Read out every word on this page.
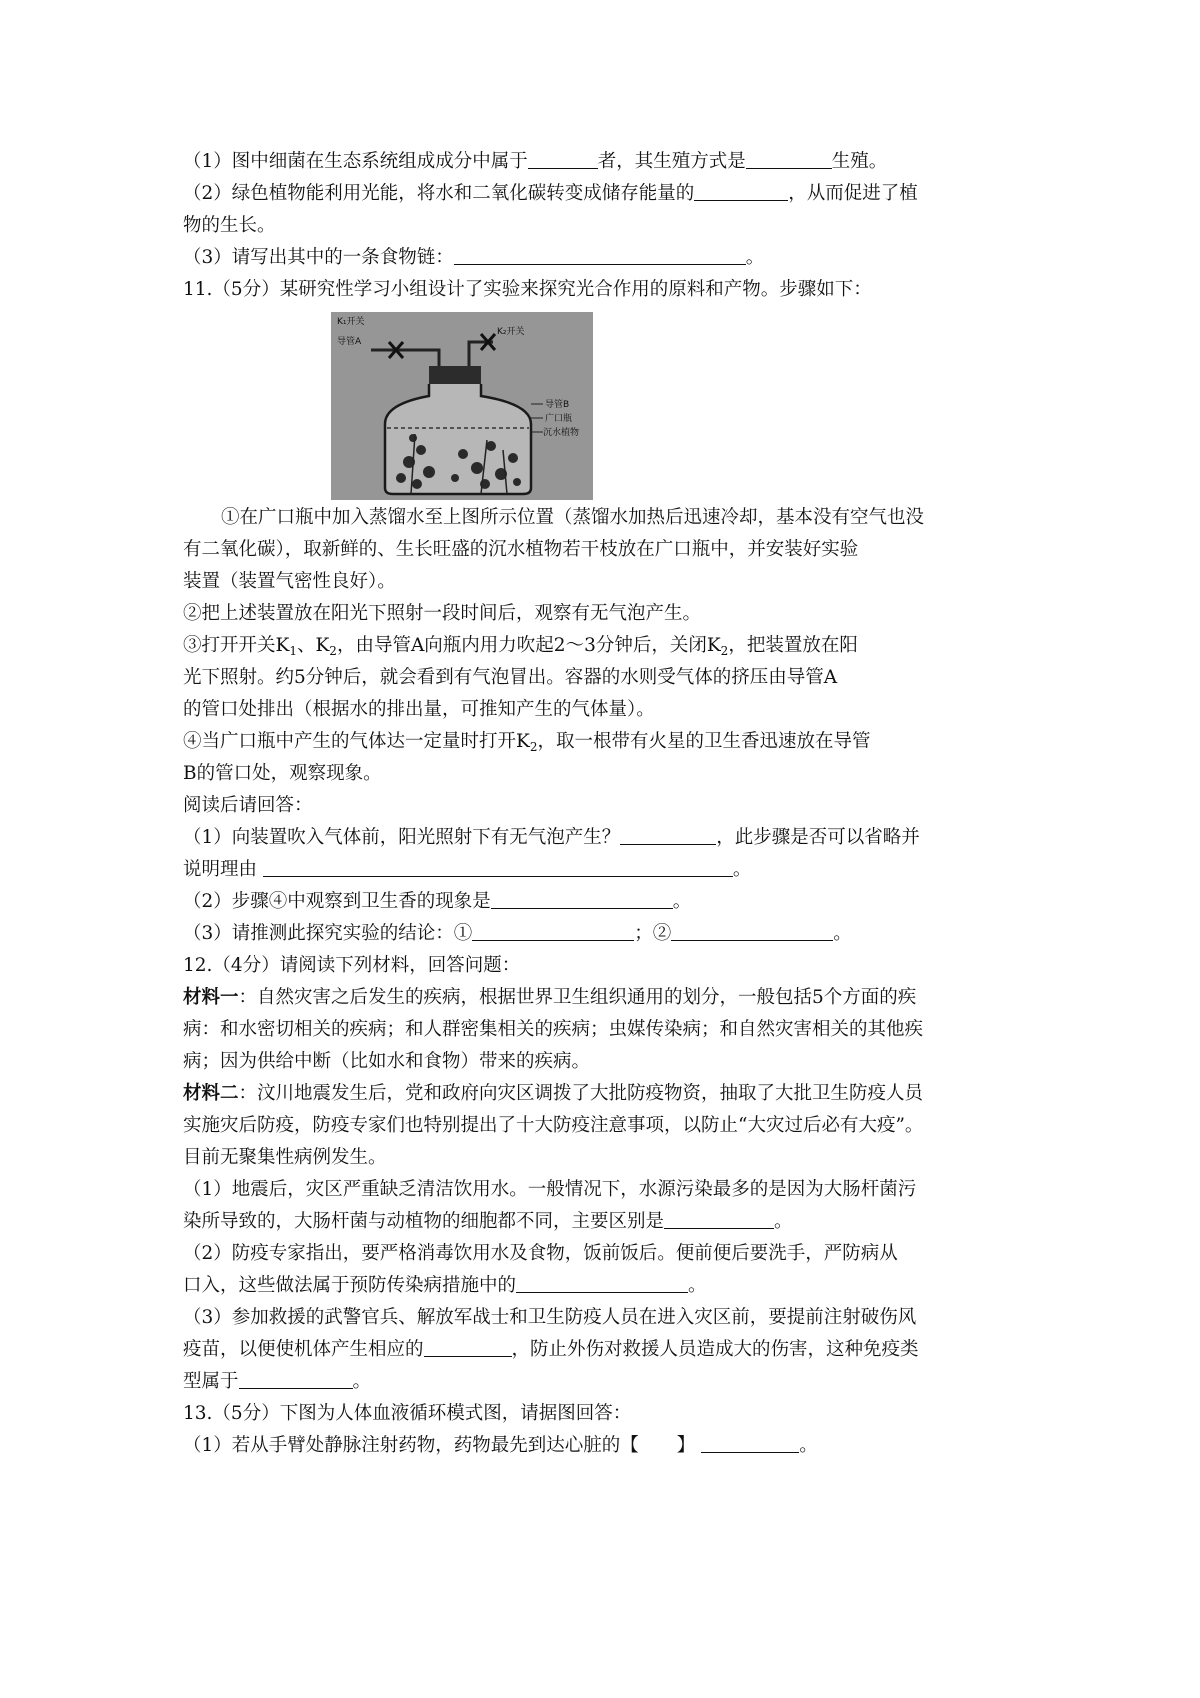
（1）图中细菌在生态系统组成成分中属于	者，其生殖方式是	生殖。
（2）绿色植物能利用光能，将水和二氧化碳转变成储存能量的	，从而促进了植
物的生长。
（3）请写出其中的一条食物链：	。
11.（5分）某研究性学习小组设计了实验来探究光合作用的原料和产物。步骤如下：
K₁开关
导管A
K₂开关
导管B
广口瓶
沉水植物
①在广口瓶中加入蒸馏水至上图所示位置（蒸馏水加热后迅速冷却，基本没有空气也没
有二氧化碳），取新鲜的、生长旺盛的沉水植物若干枝放在广口瓶中，并安装好实验
装置（装置气密性良好）。
②把上述装置放在阳光下照射一段时间后，观察有无气泡产生。
③打开开关$K_1$、$K_2$，由导管A向瓶内用力吹起2～3分钟后，关闭$K_2$，把装置放在阳
光下照射。约5分钟后，就会看到有气泡冒出。容器的水则受气体的挤压由导管A
的管口处排出（根据水的排出量，可推知产生的气体量）。
④当广口瓶中产生的气体达一定量时打开$K_2$，取一根带有火星的卫生香迅速放在导管
B的管口处，观察现象。
阅读后请回答：
（1）向装置吹入气体前，阳光照射下有无气泡产生？	，此步骤是否可以省略并
说明理由	。
（2）步骤④中观察到卫生香的现象是	。
（3）请推测此探究实验的结论：①	；②	。
12.（4分）请阅读下列材料，回答问题：
材料一：自然灾害之后发生的疾病，根据世界卫生组织通用的划分，一般包括5个方面的疾
病：和水密切相关的疾病；和人群密集相关的疾病；虫媒传染病；和自然灾害相关的其他疾
病；因为供给中断（比如水和食物）带来的疾病。
材料二：汶川地震发生后，党和政府向灾区调拨了大批防疫物资，抽取了大批卫生防疫人员
实施灾后防疫，防疫专家们也特别提出了十大防疫注意事项，以防止“大灾过后必有大疫”。
目前无聚集性病例发生。
（1）地震后，灾区严重缺乏清洁饮用水。一般情况下，水源污染最多的是因为大肠杆菌污
染所导致的，大肠杆菌与动植物的细胞都不同，主要区别是	。
（2）防疫专家指出，要严格消毒饮用水及食物，饭前饭后。便前便后要洗手，严防病从
口入，这些做法属于预防传染病措施中的	。
（3）参加救援的武警官兵、解放军战士和卫生防疫人员在进入灾区前，要提前注射破伤风
疫苗，以便使机体产生相应的	，防止外伤对救援人员造成大的伤害，这种免疫类
型属于	。
13.（5分）下图为人体血液循环模式图，请据图回答：
（1）若从手臂处静脉注射药物，药物最先到达心脏的【 】	。
